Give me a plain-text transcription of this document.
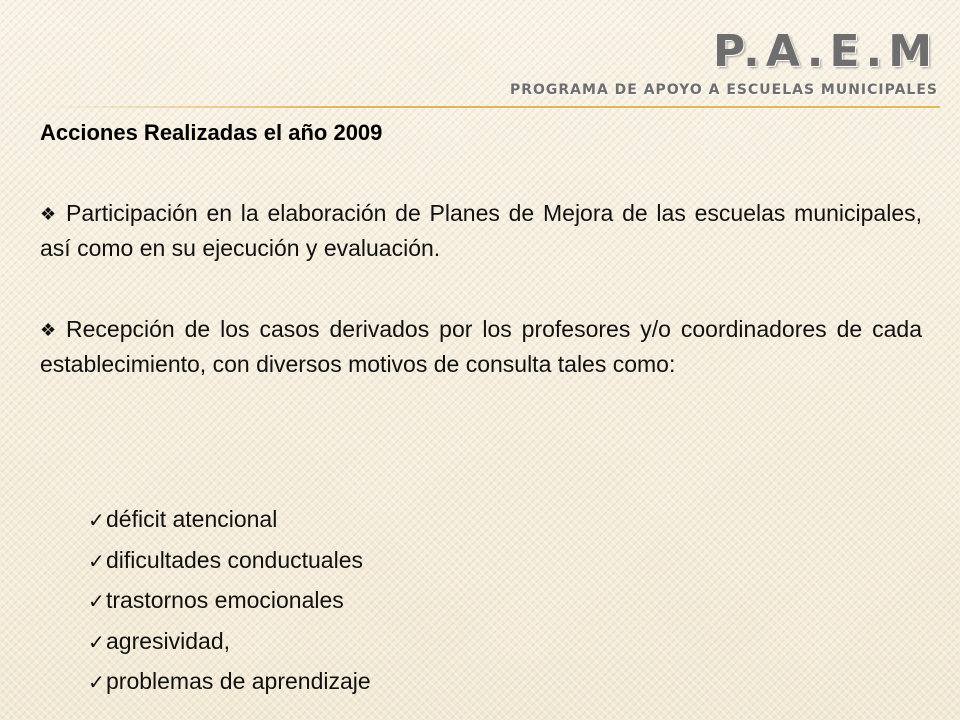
P.A.E.M
PROGRAMA DE APOYO A ESCUELAS MUNICIPALES
Acciones Realizadas el año 2009
❖ Participación en la elaboración de Planes de Mejora de las escuelas municipales, así como en su ejecución y evaluación.
❖ Recepción de los casos derivados por los profesores y/o coordinadores de cada establecimiento, con diversos motivos de consulta tales como:
✓ déficit atencional
✓ dificultades conductuales
✓ trastornos emocionales
✓ agresividad,
✓ problemas de aprendizaje
